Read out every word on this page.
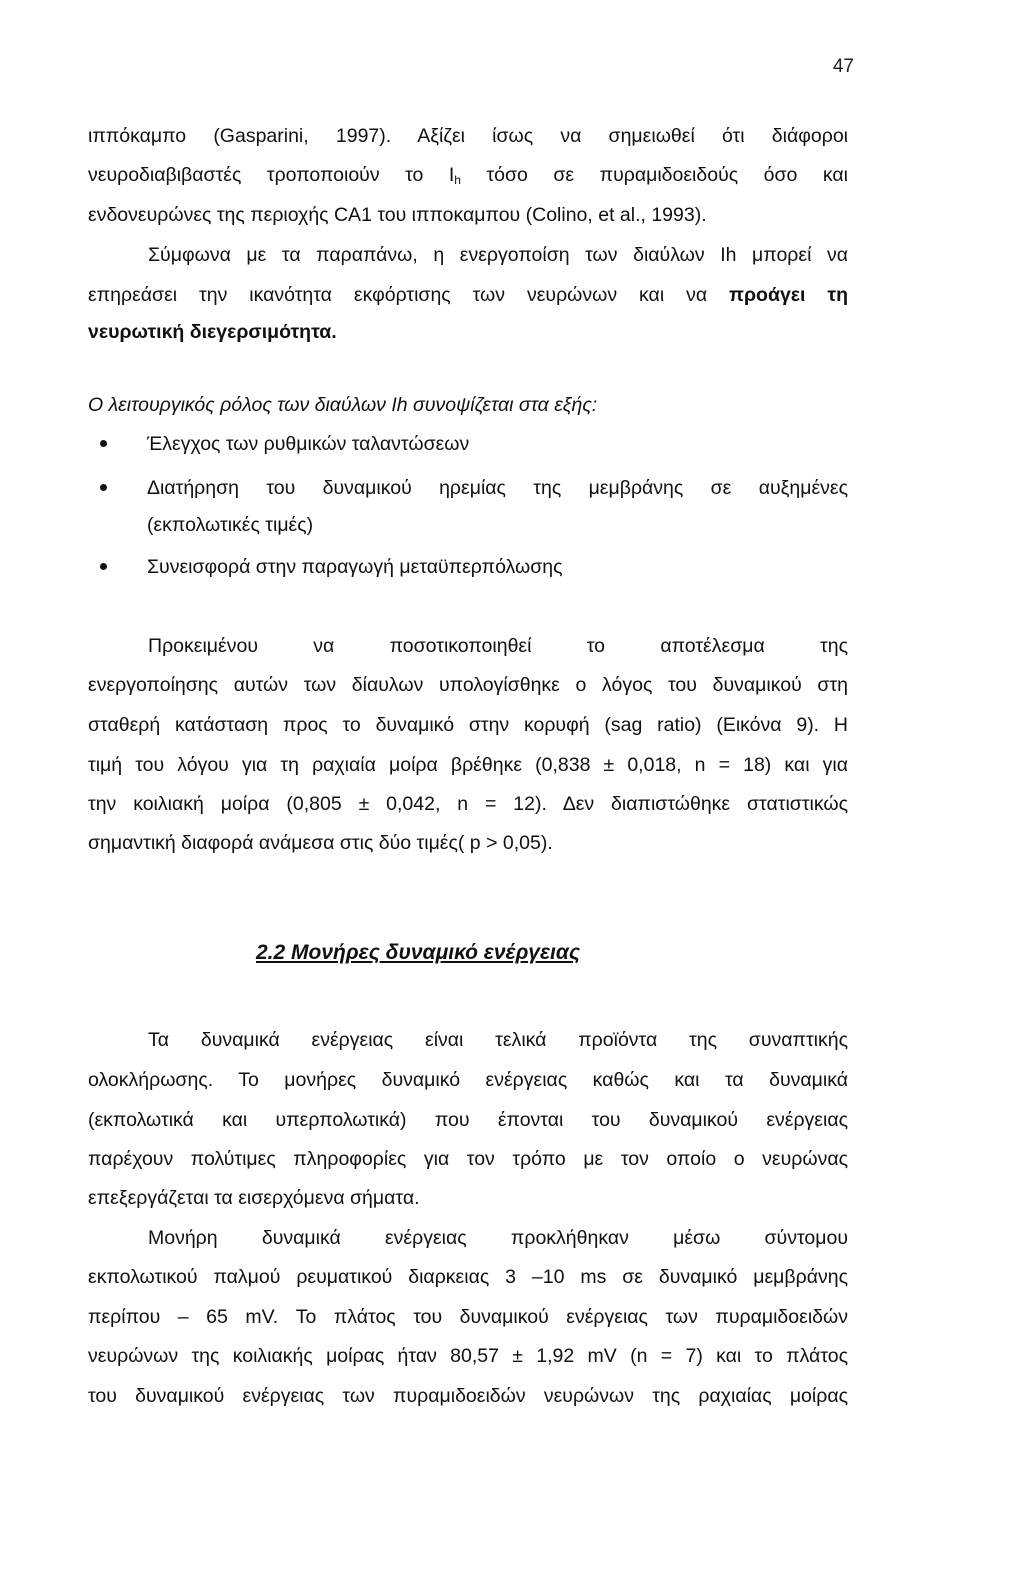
47
ιππόκαμπο (Gasparini, 1997). Αξίζει ίσως να σημειωθεί ότι διάφοροι
νευροδιαβιβαστές τροποποιούν το $I_h$ τόσο σε πυραμιδοειδούς όσο και
ενδονευρώνες της περιοχής CA1 του ιπποκαμπου (Colino, et al., 1993).
Σύμφωνα με τα παραπάνω, η ενεργοποίση των διαύλων Ih μπορεί να
επηρεάσει την ικανότητα εκφόρτισης των νευρώνων και να προάγει τη
νευρωτική διεγερσιμότητα.
Ο λειτουργικός ρόλος των διαύλων Ih συνοψίζεται στα εξής:
Έλεγχος των ρυθμικών ταλαντώσεων
Διατήρηση του δυναμικού ηρεμίας της μεμβράνης σε αυξημένες
(εκπολωτικές τιμές)
Συνεισφορά στην παραγωγή μεταϋπερπόλωσης
Προκειμένου να ποσοτικοποιηθεί το αποτέλεσμα της
ενεργοποίησης αυτών των δίαυλων υπολογίσθηκε ο λόγος του δυναμικού στη
σταθερή κατάσταση προς το δυναμικό στην κορυφή (sag ratio) (Εικόνα 9). Η
τιμή του λόγου για τη ραχιαία μοίρα βρέθηκε (0,838 ± 0,018, n = 18) και για
την κοιλιακή μοίρα (0,805 ± 0,042, n = 12). Δεν διαπιστώθηκε στατιστικώς
σημαντική διαφορά ανάμεσα στις δύο τιμές( p > 0,05).
2.2 Μονήρες δυναμικό ενέργειας
Τα δυναμικά ενέργειας είναι τελικά προϊόντα της συναπτικής
ολοκλήρωσης. Το μονήρες δυναμικό ενέργειας καθώς και τα δυναμικά
(εκπολωτικά και υπερπολωτικά) που έπονται του δυναμικού ενέργειας
παρέχουν πολύτιμες πληροφορίες για τον τρόπο με τον οποίο ο νευρώνας
επεξεργάζεται τα εισερχόμενα σήματα.
Μονήρη δυναμικά ενέργειας προκλήθηκαν μέσω σύντομου
εκπολωτικού παλμού ρευματικού διαρκειας 3 –10 ms σε δυναμικό μεμβράνης
περίπου – 65 mV. Το πλάτος του δυναμικού ενέργειας των πυραμιδοειδών
νευρώνων της κοιλιακής μοίρας ήταν 80,57 ± 1,92 mV (n = 7) και το πλάτος
του δυναμικού ενέργειας των πυραμιδοειδών νευρώνων της ραχιαίας μοίρας
